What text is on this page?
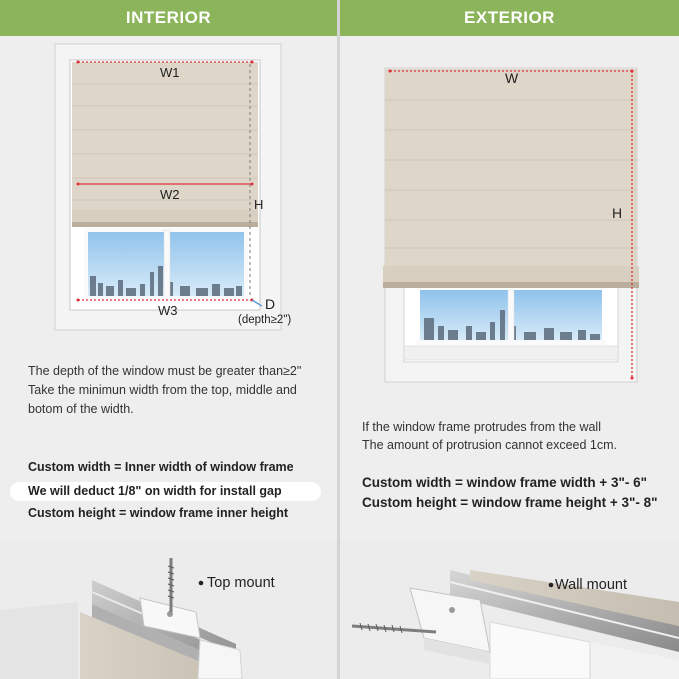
INTERIOR	EXTERIOR
W1
W2
W3
H
D
(depth≥2")
The depth of the window must be greater than≥2"
Take the minimun width from the top, middle and
botom of the width.
Custom width = Inner width of window frame
We will deduct 1/8" on width for install gap
Custom height = window frame inner height
Top mount
W
H
If the window frame protrudes from the wall
The amount of protrusion cannot exceed 1cm.
Custom width = window frame width + 3"- 6"
Custom height = window frame height + 3"- 8"
Wall mount
